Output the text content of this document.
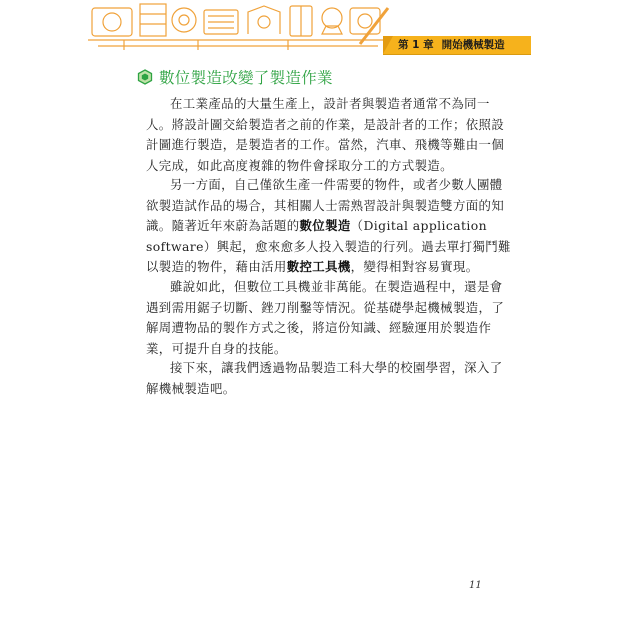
第 1 章 開始機械製造
數位製造改變了製造作業
在工業產品的大量生產上，設計者與製造者通常不為同一
人。將設計圖交給製造者之前的作業，是設計者的工作；依照設
計圖進行製造，是製造者的工作。當然，汽車、飛機等難由一個
人完成，如此高度複雜的物件會採取分工的方式製造。
另一方面，自己僅欲生產一件需要的物件，或者少數人團體
欲製造試作品的場合，其相關人士需熟習設計與製造雙方面的知
識。隨著近年來蔚為話題的數位製造（Digital application
software）興起，愈來愈多人投入製造的行列。過去單打獨鬥難
以製造的物件，藉由活用數控工具機，變得相對容易實現。
雖說如此，但數位工具機並非萬能。在製造過程中，還是會
遇到需用鋸子切斷、銼刀削鑿等情況。從基礎學起機械製造，了
解周遭物品的製作方式之後，將這份知識、經驗運用於製造作
業，可提升自身的技能。
接下來，讓我們透過物品製造工科大學的校園學習，深入了
解機械製造吧。
11
